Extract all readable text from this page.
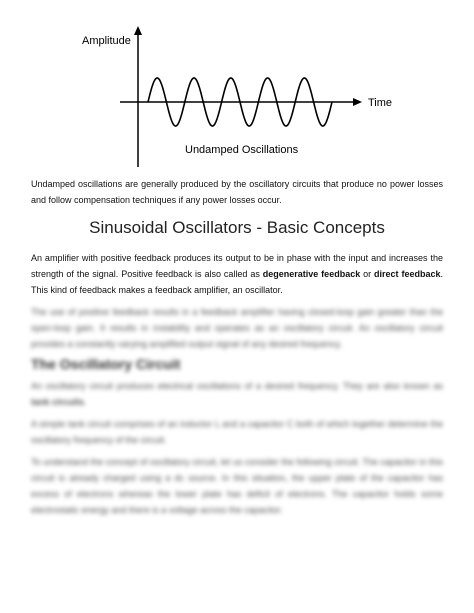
Amplitude
Time
Undamped Oscillations

Undamped oscillations are generally produced by the oscillatory circuits that produce no power losses and follow compensation techniques if any power losses occur.

Sinusoidal Oscillators - Basic Concepts

An amplifier with positive feedback produces its output to be in phase with the input and increases the strength of the signal. Positive feedback is also called as degenerative feedback or direct feedback. This kind of feedback makes a feedback amplifier, an oscillator.

The use of positive feedback results in a feedback amplifier having closed-loop gain greater than the open-loop gain. It results in instability and operates as an oscillatory circuit. An oscillatory circuit provides a constantly varying amplified output signal of any desired frequency.

The Oscillatory Circuit

An oscillatory circuit produces electrical oscillations of a desired frequency. They are also known as tank circuits.

A simple tank circuit comprises of an inductor L and a capacitor C both of which together determine the oscillatory frequency of the circuit.

To understand the concept of oscillatory circuit, let us consider the following circuit. The capacitor in this circuit is already charged using a dc source. In this situation, the upper plate of the capacitor has excess of electrons whereas the lower plate has deficit of electrons. The capacitor holds some electrostatic energy and there is a voltage across the capacitor.
